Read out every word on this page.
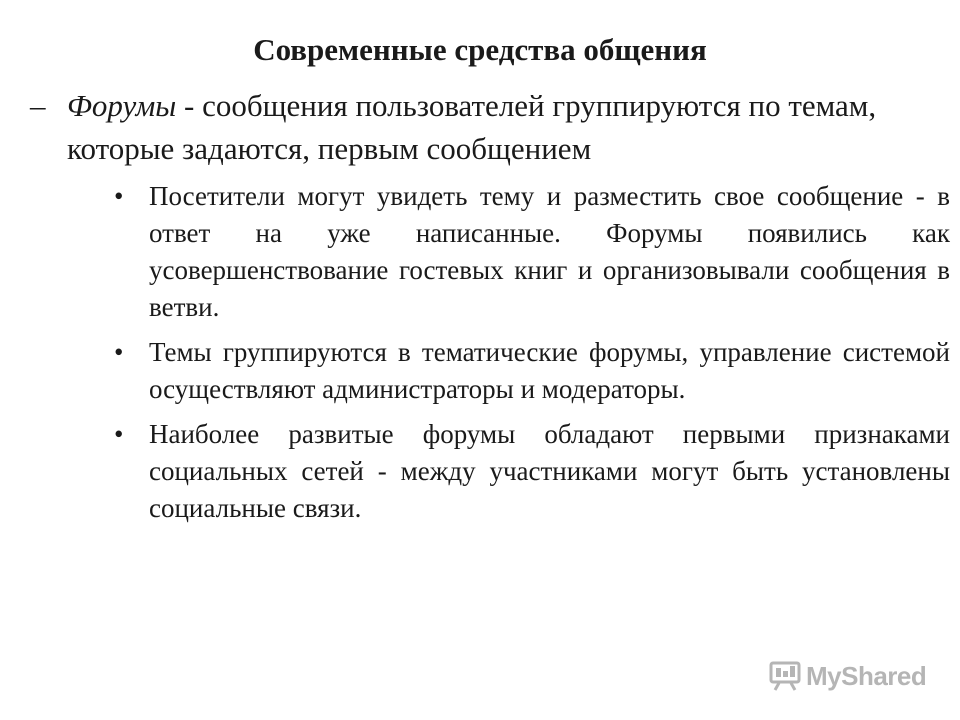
Современные средства общения
– Форумы - сообщения пользователей группируются по темам, которые задаются, первым сообщением
• Посетители могут увидеть тему и разместить свое сообщение - в ответ на уже написанные. Форумы появились как усовершенствование гостевых книг и организовывали сообщения в ветви.
• Темы группируются в тематические форумы, управление системой осуществляют администраторы и модераторы.
• Наиболее развитые форумы обладают первыми признаками социальных сетей - между участниками могут быть установлены социальные связи.
MyShared
